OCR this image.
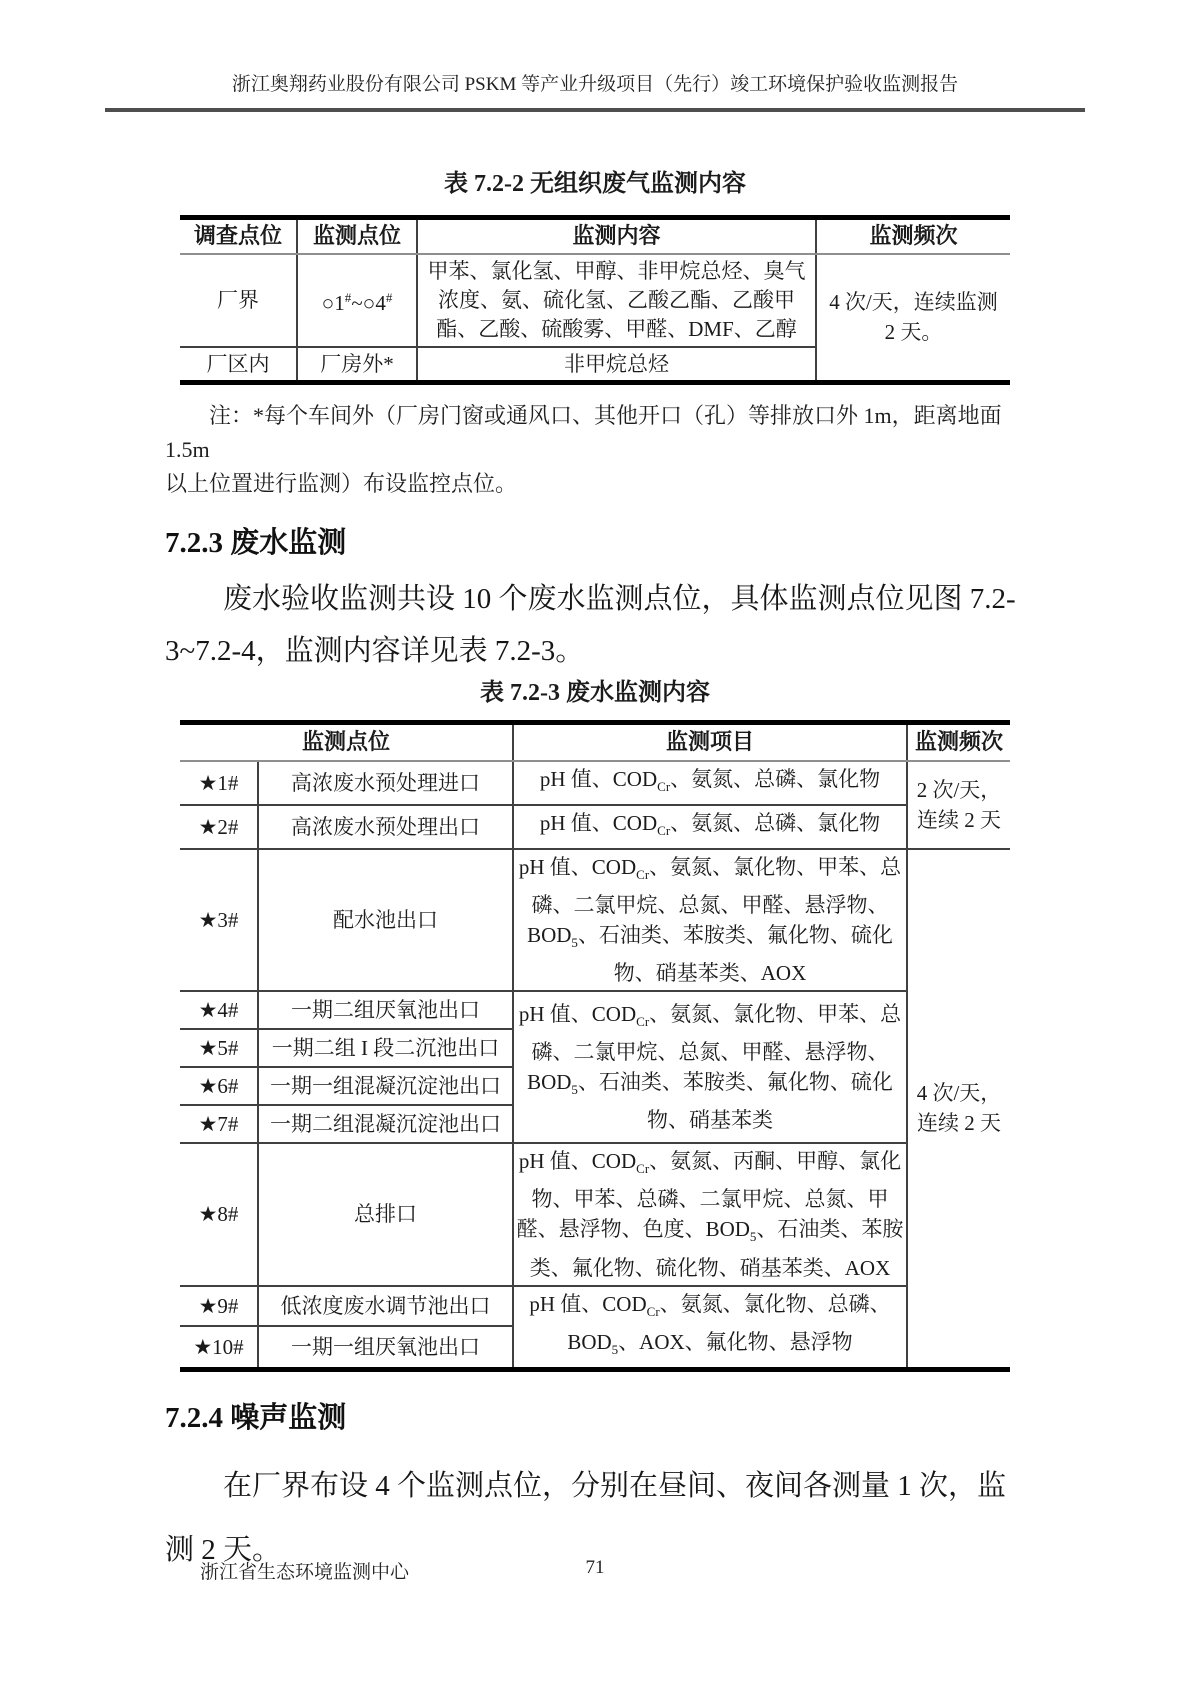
浙江奥翔药业股份有限公司 PSKM 等产业升级项目（先行）竣工环境保护验收监测报告
表 7.2-2 无组织废气监测内容
调查点位	监测点位	监测内容	监测频次
厂界	○1#~○4#	甲苯、氯化氢、甲醇、非甲烷总烃、臭气浓度、氨、硫化氢、乙酸乙酯、乙酸甲酯、乙酸、硫酸雾、甲醛、DMF、乙醇	4 次/天，连续监测
2 天。
厂区内	厂房外*	非甲烷总烃	

注：*每个车间外（厂房门窗或通风口、其他开口（孔）等排放口外 1m，距离地面 1.5m
以上位置进行监测）布设监控点位。

7.2.3 废水监测

废水验收监测共设 10 个废水监测点位，具体监测点位见图 7.2-
3~7.2-4，监测内容详见表 7.2-3。

表 7.2-3 废水监测内容
监测点位		监测项目	监测频次
★1#	高浓废水预处理进口	pH 值、$COD_{Cr}$、氨氮、总磷、氯化物	2 次/天，
连续 2 天
★2#	高浓废水预处理出口	pH 值、$COD_{Cr}$、氨氮、总磷、氯化物	
★3#	配水池出口	pH 值、$COD_{Cr}$、氨氮、氯化物、甲苯、总磷、二氯甲烷、总氮、甲醛、悬浮物、$BOD_5$、石油类、苯胺类、氟化物、硫化物、硝基苯类、AOX	4 次/天，
连续 2 天
★4#	一期二组厌氧池出口	pH 值、$COD_{Cr}$、氨氮、氯化物、甲苯、总磷、二氯甲烷、总氮、甲醛、悬浮物、$BOD_5$、石油类、苯胺类、氟化物、硫化物、硝基苯类	
★5#	一期二组 I 段二沉池出口		
★6#	一期一组混凝沉淀池出口		
★7#	一期二组混凝沉淀池出口		
★8#	总排口	pH 值、$COD_{Cr}$、氨氮、丙酮、甲醇、氯化物、甲苯、总磷、二氯甲烷、总氮、甲醛、悬浮物、色度、$BOD_5$、石油类、苯胺类、氟化物、硫化物、硝基苯类、AOX	
★9#	低浓度废水调节池出口	pH 值、$COD_{Cr}$、氨氮、氯化物、总磷、$BOD_5$、AOX、氟化物、悬浮物	
★10#	一期一组厌氧池出口		
7.2.4 噪声监测

在厂界布设 4 个监测点位，分别在昼间、夜间各测量 1 次，监
测 2 天。

71
浙江省生态环境监测中心
